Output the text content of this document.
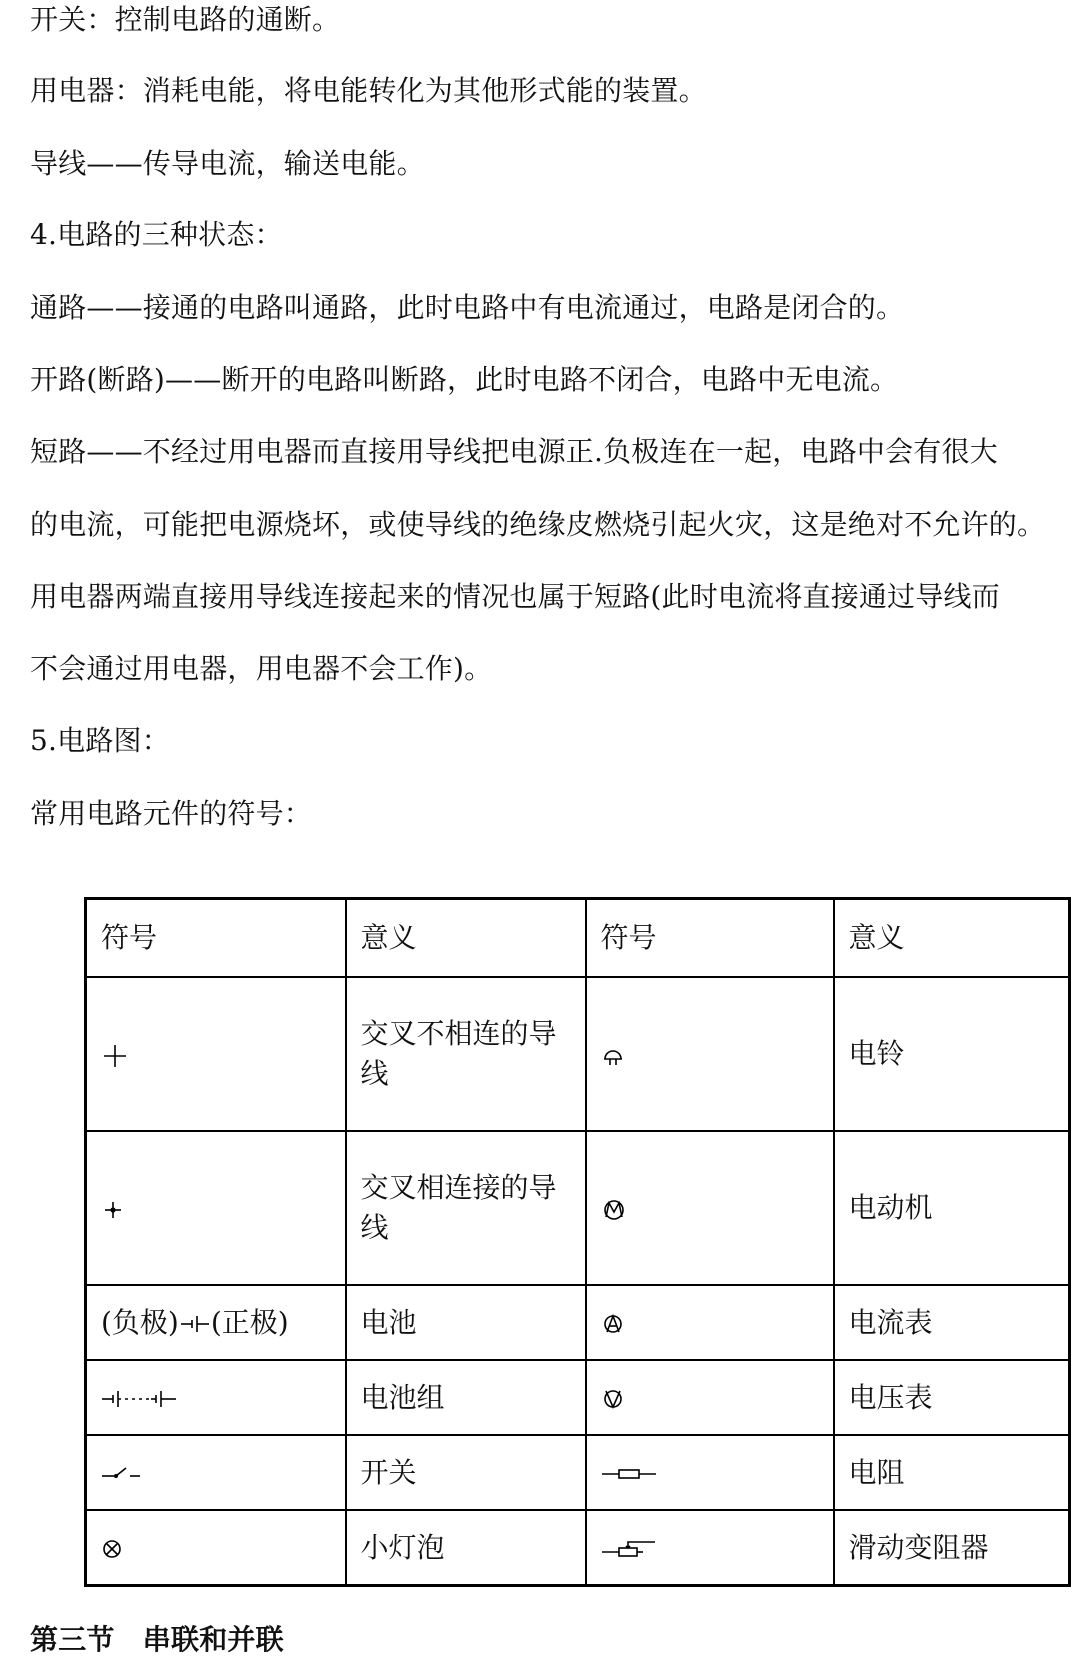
开关：控制电路的通断。
用电器：消耗电能，将电能转化为其他形式能的装置。
导线——传导电流，输送电能。
4.电路的三种状态：
通路——接通的电路叫通路，此时电路中有电流通过，电路是闭合的。
开路(断路)——断开的电路叫断路，此时电路不闭合，电路中无电流。
短路——不经过用电器而直接用导线把电源正.负极连在一起，电路中会有很大
的电流，可能把电源烧坏，或使导线的绝缘皮燃烧引起火灾，这是绝对不允许的。
用电器两端直接用导线连接起来的情况也属于短路(此时电流将直接通过导线而
不会通过用电器，用电器不会工作)。
5.电路图：
常用电路元件的符号：
符号	意义	符号	意义

	交叉不相连的导线		电铃

	交叉相连接的导线		电动机
(负极) (正极)	电池		电流表

	电池组		电压表

	开关		电阻

	小灯泡		滑动变阻器
第三节　串联和并联
